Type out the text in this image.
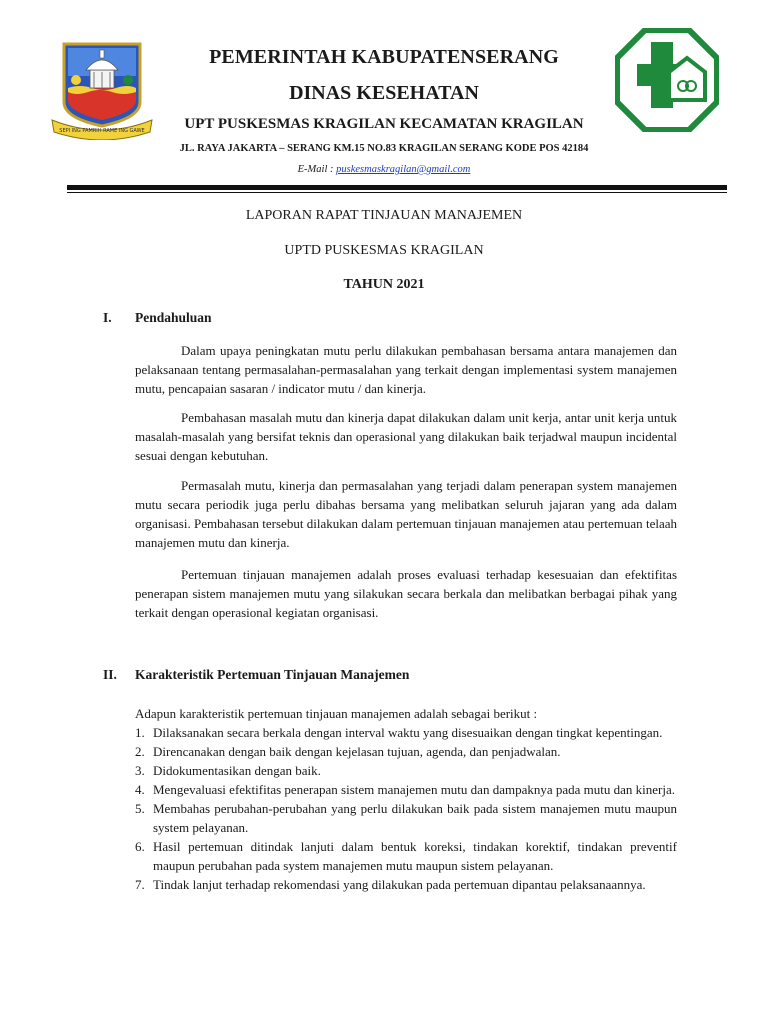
SEPI ING PAMRIH RAME ING GAWE
PEMERINTAH KABUPATENSERANG
DINAS KESEHATAN
UPT PUSKESMAS KRAGILAN KECAMATAN KRAGILAN
JL. RAYA JAKARTA – SERANG KM.15 NO.83 KRAGILAN SERANG KODE POS 42184
E-Mail : puskesmaskragilan@gmail.com
LAPORAN RAPAT TINJAUAN MANAJEMEN
UPTD PUSKESMAS KRAGILAN
TAHUN 2021
I. Pendahuluan
Dalam upaya peningkatan mutu perlu dilakukan pembahasan bersama antara manajemen dan pelaksanaan tentang permasalahan-permasalahan yang terkait dengan implementasi system manajemen mutu, pencapaian sasaran / indicator mutu / dan kinerja.
Pembahasan masalah mutu dan kinerja dapat dilakukan dalam unit kerja, antar unit kerja untuk masalah-masalah yang bersifat teknis dan operasional yang dilakukan baik terjadwal maupun incidental sesuai dengan kebutuhan.
Permasalah mutu, kinerja dan permasalahan yang terjadi dalam penerapan system manajemen mutu secara periodik juga perlu dibahas bersama yang melibatkan seluruh jajaran yang ada dalam organisasi. Pembahasan tersebut dilakukan dalam pertemuan tinjauan manajemen atau pertemuan telaah manajemen mutu dan kinerja.
Pertemuan tinjauan manajemen adalah proses evaluasi terhadap kesesuaian dan efektifitas penerapan sistem manajemen mutu yang silakukan secara berkala dan melibatkan berbagai pihak yang terkait dengan operasional kegiatan organisasi.
II. Karakteristik Pertemuan Tinjauan Manajemen
Adapun karakteristik pertemuan tinjauan manajemen adalah sebagai berikut :
1. Dilaksanakan secara berkala dengan interval waktu yang disesuaikan dengan tingkat kepentingan.
2. Direncanakan dengan baik dengan kejelasan tujuan, agenda, dan penjadwalan.
3. Didokumentasikan dengan baik.
4. Mengevaluasi efektifitas penerapan sistem manajemen mutu dan dampaknya pada mutu dan kinerja.
5. Membahas perubahan-perubahan yang perlu dilakukan baik pada sistem manajemen mutu maupun system pelayanan.
6. Hasil pertemuan ditindak lanjuti dalam bentuk koreksi, tindakan korektif, tindakan preventif maupun perubahan pada system manajemen mutu maupun sistem pelayanan.
7. Tindak lanjut terhadap rekomendasi yang dilakukan pada pertemuan dipantau pelaksanaannya.
